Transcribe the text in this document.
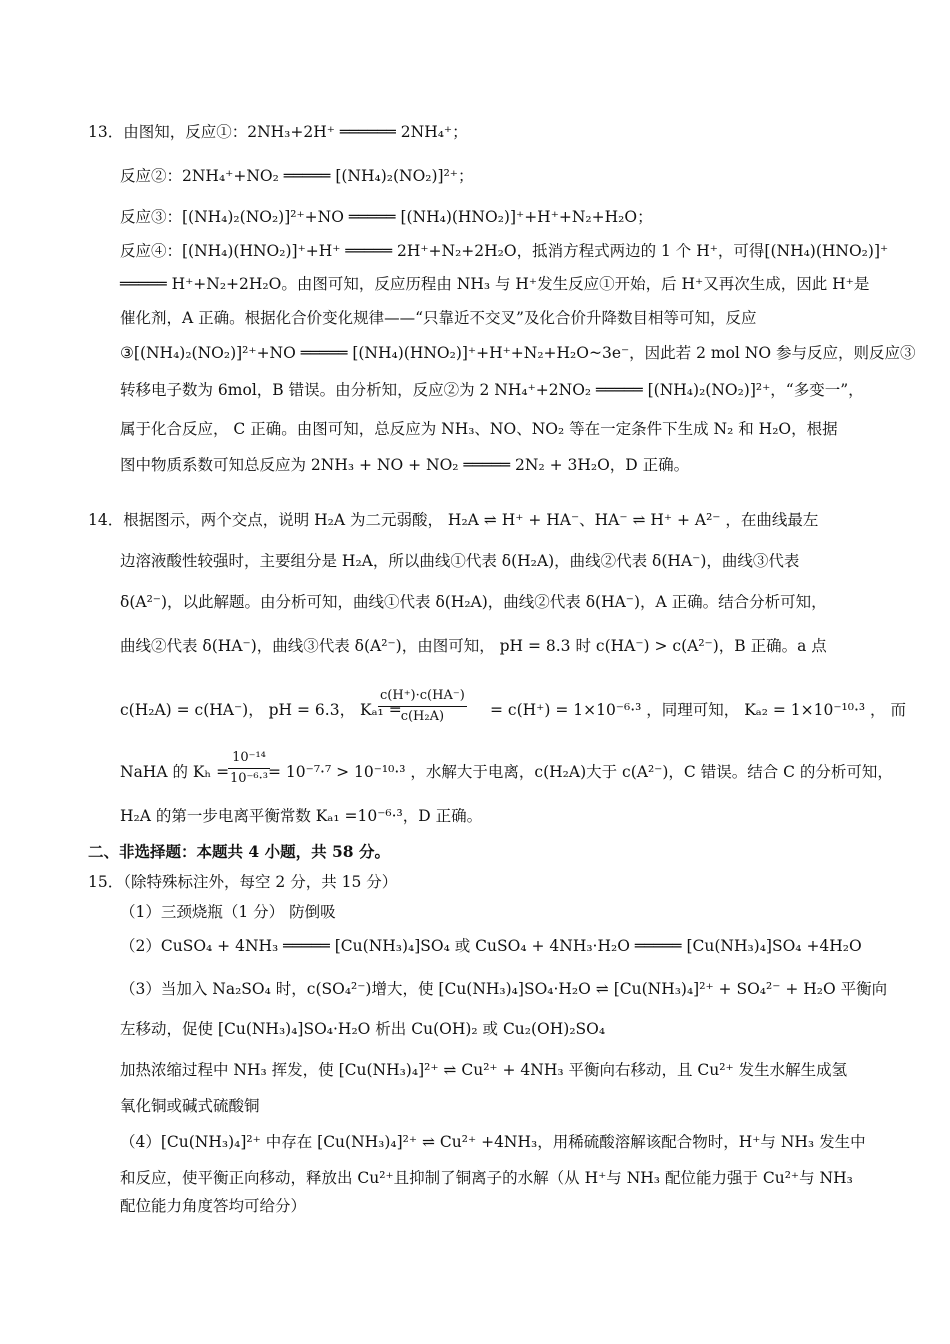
13．由图知，反应①：2NH₃+2H⁺ ══════ 2NH₄⁺；
反应②：2NH₄⁺+NO₂ ═════ [(NH₄)₂(NO₂)]²⁺；
反应③：[(NH₄)₂(NO₂)]²⁺+NO ═════ [(NH₄)(HNO₂)]⁺+H⁺+N₂+H₂O；
反应④：[(NH₄)(HNO₂)]⁺+H⁺ ═════ 2H⁺+N₂+2H₂O，抵消方程式两边的 1 个 H⁺，可得[(NH₄)(HNO₂)]⁺
═════ H⁺+N₂+2H₂O。由图可知，反应历程由 NH₃ 与 H⁺发生反应①开始，后 H⁺又再次生成，因此 H⁺是
催化剂，A 正确。根据化合价变化规律——“只靠近不交叉”及化合价升降数目相等可知，反应
③[(NH₄)₂(NO₂)]²⁺+NO ═════ [(NH₄)(HNO₂)]⁺+H⁺+N₂+H₂O~3e⁻，因此若 2 mol NO 参与反应，则反应③
转移电子数为 6mol，B 错误。由分析知，反应②为 2 NH₄⁺+2NO₂ ═════ [(NH₄)₂(NO₂)]²⁺，“多变一”，
属于化合反应， C 正确。由图可知，总反应为 NH₃、NO、NO₂ 等在一定条件下生成 N₂ 和 H₂O，根据
图中物质系数可知总反应为 2NH₃ + NO + NO₂ ═════ 2N₂ + 3H₂O，D 正确。
14．根据图示，两个交点，说明 H₂A 为二元弱酸， H₂A ⇌ H⁺ + HA⁻、HA⁻ ⇌ H⁺ + A²⁻ ，在曲线最左
边溶液酸性较强时，主要组分是 H₂A，所以曲线①代表 δ(H₂A)，曲线②代表 δ(HA⁻)，曲线③代表
δ(A²⁻)，以此解题。由分析可知，曲线①代表 δ(H₂A)，曲线②代表 δ(HA⁻)，A 正确。结合分析可知，
曲线②代表 δ(HA⁻)，曲线③代表 δ(A²⁻)，由图可知， pH = 8.3 时 c(HA⁻) > c(A²⁻)，B 正确。a 点
c(H₂A) = c(HA⁻)， pH = 6.3， Kₐ₁ =	= c(H⁺) = 1×10⁻⁶·³ ，同理可知， Kₐ₂ = 1×10⁻¹⁰·³ ， 而
NaHA 的 Kₕ =	= 10⁻⁷·⁷ > 10⁻¹⁰·³ ，水解大于电离，c(H₂A)大于 c(A²⁻)，C 错误。结合 C 的分析可知，
H₂A 的第一步电离平衡常数 Kₐ₁ =10⁻⁶·³，D 正确。
二、非选择题：本题共 4 小题，共 58 分。
15．（除特殊标注外，每空 2 分，共 15 分）
（1）三颈烧瓶（1 分） 防倒吸
（2）CuSO₄ + 4NH₃ ═════ [Cu(NH₃)₄]SO₄ 或 CuSO₄ + 4NH₃·H₂O ═════ [Cu(NH₃)₄]SO₄ +4H₂O
（3）当加入 Na₂SO₄ 时，c(SO₄²⁻)增大，使 [Cu(NH₃)₄]SO₄·H₂O ⇌ [Cu(NH₃)₄]²⁺ + SO₄²⁻ + H₂O 平衡向
左移动，促使 [Cu(NH₃)₄]SO₄·H₂O 析出 Cu(OH)₂ 或 Cu₂(OH)₂SO₄
加热浓缩过程中 NH₃ 挥发，使 [Cu(NH₃)₄]²⁺ ⇌ Cu²⁺ + 4NH₃ 平衡向右移动，且 Cu²⁺ 发生水解生成氢
氧化铜或碱式硫酸铜
（4）[Cu(NH₃)₄]²⁺ 中存在 [Cu(NH₃)₄]²⁺ ⇌ Cu²⁺ +4NH₃，用稀硫酸溶解该配合物时，H⁺与 NH₃ 发生中
和反应，使平衡正向移动，释放出 Cu²⁺且抑制了铜离子的水解（从 H⁺与 NH₃ 配位能力强于 Cu²⁺与 NH₃
配位能力角度答均可给分）
$\frac{c(H^+)\cdot c(HA^-)}{\text{c(H₂A)}}$
$\frac{\text{10⁻¹⁴}}{\text{10⁻⁶·³}}$
